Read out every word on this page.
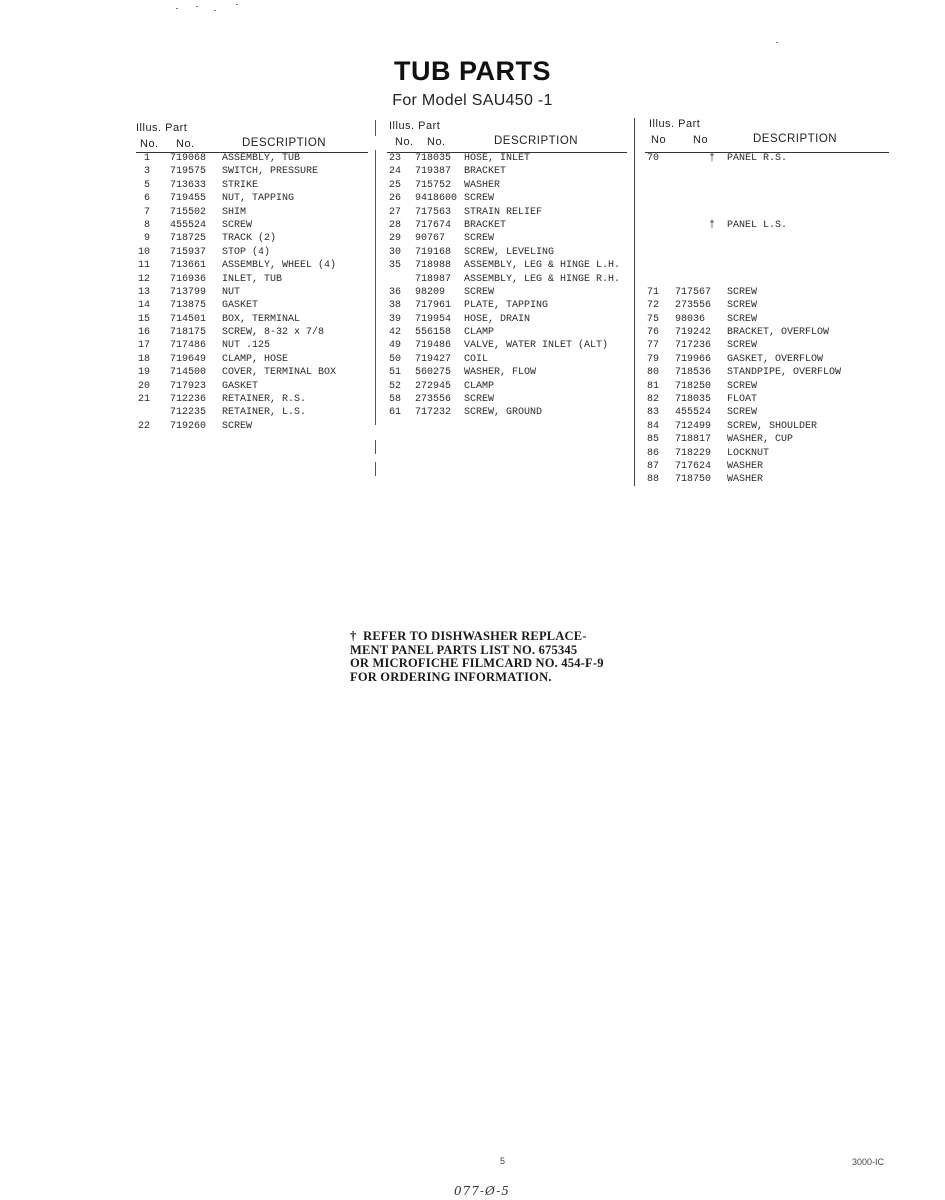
TUB PARTS
For Model SAU450 -1
Illus. Part
No. No.	DESCRIPTION
1 719068 ASSEMBLY, TUB
3 719575 SWITCH, PRESSURE
5 713633 STRIKE
6 719455 NUT, TAPPING
7 715502 SHIM
8 455524 SCREW
9 718725 TRACK (2)
10 715937 STOP (4)
11 713661 ASSEMBLY, WHEEL (4)
12 716936 INLET, TUB
13 713799 NUT
14 713875 GASKET
15 714501 BOX, TERMINAL
16 718175 SCREW, 8-32 x 7/8
17 717486 NUT .125
18 719649 CLAMP, HOSE
19 714500 COVER, TERMINAL BOX
20 717923 GASKET
21 712236 RETAINER, R.S.
712235 RETAINER, L.S.
22 719260 SCREW
Illus. Part
No. No.	DESCRIPTION
23 718035 HOSE, INLET
24 719387 BRACKET
25 715752 WASHER
26 9418600 SCREW
27 717563 STRAIN RELIEF
28 717674 BRACKET
29 90767 SCREW
30 719168 SCREW, LEVELING
35 718988 ASSEMBLY, LEG & HINGE L.H.
718987 ASSEMBLY, LEG & HINGE R.H.
36 98209 SCREW
38 717961 PLATE, TAPPING
39 719954 HOSE, DRAIN
42 556158 CLAMP
49 719486 VALVE, WATER INLET (ALT)
50 719427 COIL
51 560275 WASHER, FLOW
52 272945 CLAMP
58 273556 SCREW
61 717232 SCREW, GROUND
Illus. Part
No No	DESCRIPTION
70	† PANEL R.S.
† PANEL L.S.
71 717567 SCREW
72 273556 SCREW
75 98036 SCREW
76 719242 BRACKET, OVERFLOW
77 717236 SCREW
79 719966 GASKET, OVERFLOW
80 718536 STANDPIPE, OVERFLOW
81 718250 SCREW
82 718035 FLOAT
83 455524 SCREW
84 712499 SCREW, SHOULDER
85 718817 WASHER, CUP
86 718229 LOCKNUT
87 717624 WASHER
88 718750 WASHER
†  REFER TO DISHWASHER REPLACE-
MENT PANEL PARTS LIST NO. 675345
OR MICROFICHE FILMCARD NO. 454-F-9
FOR ORDERING INFORMATION.
5	3000-IC
077-Ø-5
